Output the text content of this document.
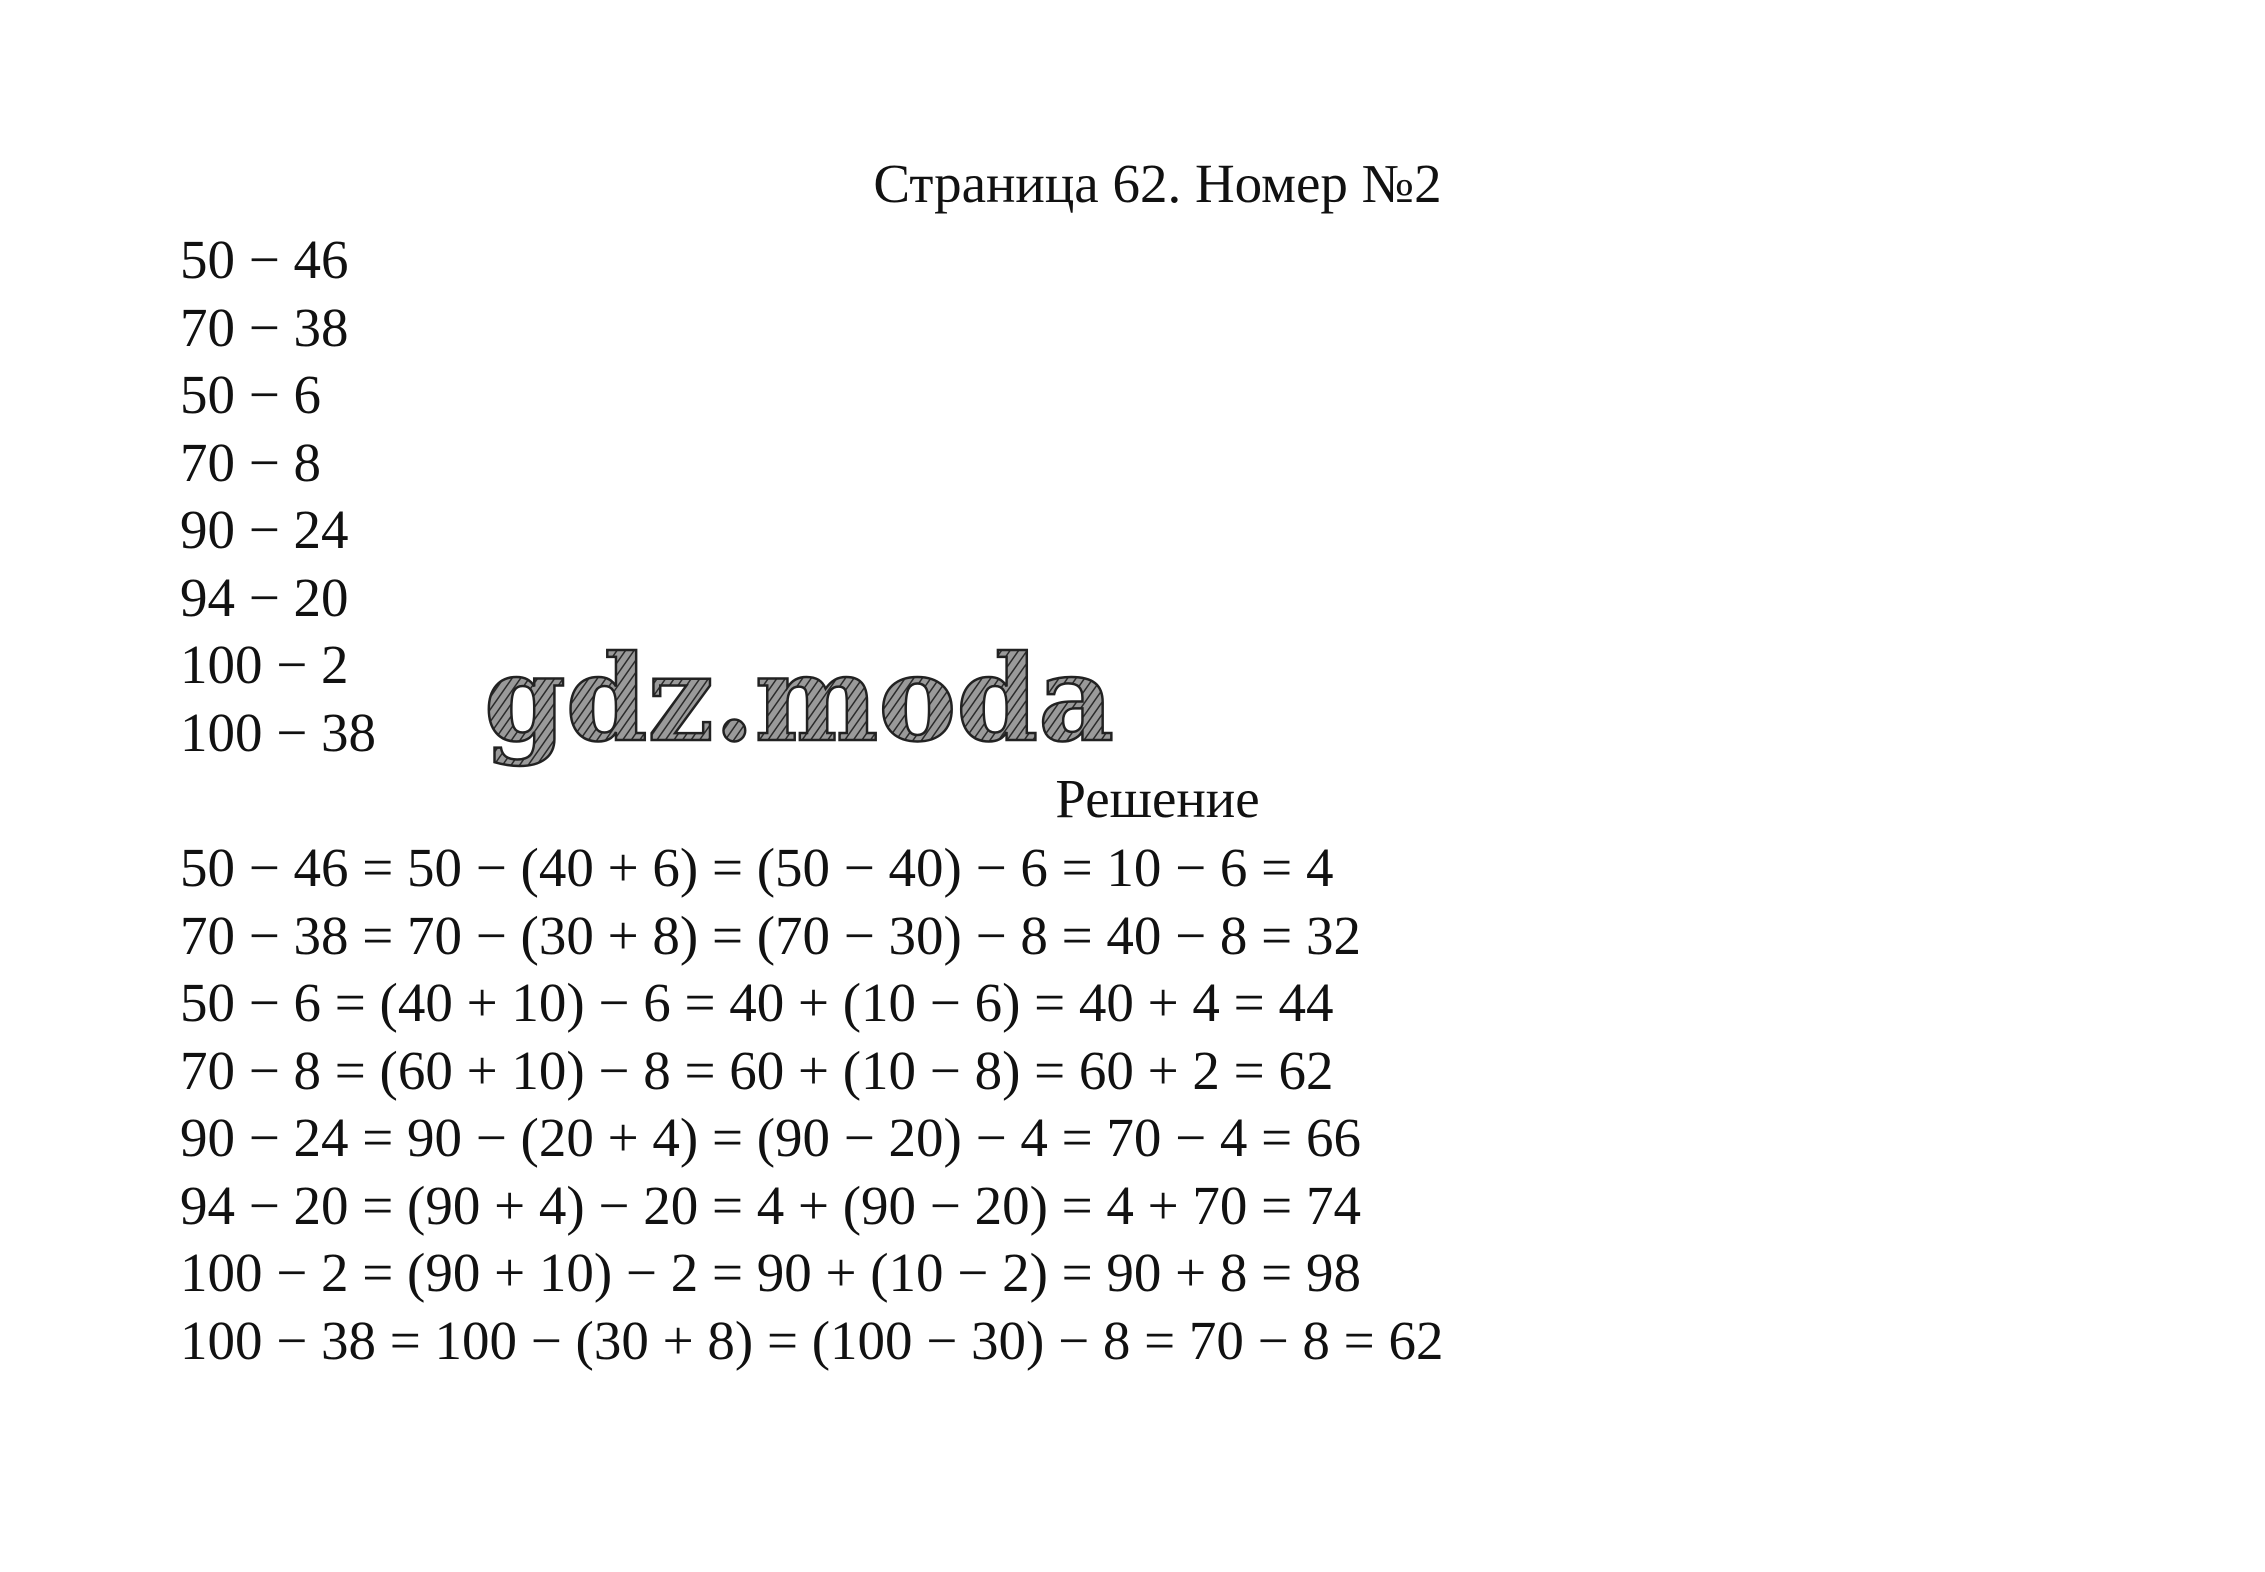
Страница 62. Номер №2
50 − 46
70 − 38
50 − 6
70 − 8
90 − 24
94 − 20
100 − 2
100 − 38 gdz.moda
Решение
50 − 46 = 50 − (40 + 6) = (50 − 40) − 6 = 10 − 6 = 4
70 − 38 = 70 − (30 + 8) = (70 − 30) − 8 = 40 − 8 = 32
50 − 6 = (40 + 10) − 6 = 40 + (10 − 6) = 40 + 4 = 44
70 − 8 = (60 + 10) − 8 = 60 + (10 − 8) = 60 + 2 = 62
90 − 24 = 90 − (20 + 4) = (90 − 20) − 4 = 70 − 4 = 66
94 − 20 = (90 + 4) − 20 = 4 + (90 − 20) = 4 + 70 = 74
100 − 2 = (90 + 10) − 2 = 90 + (10 − 2) = 90 + 8 = 98
100 − 38 = 100 − (30 + 8) = (100 − 30) − 8 = 70 − 8 = 62
